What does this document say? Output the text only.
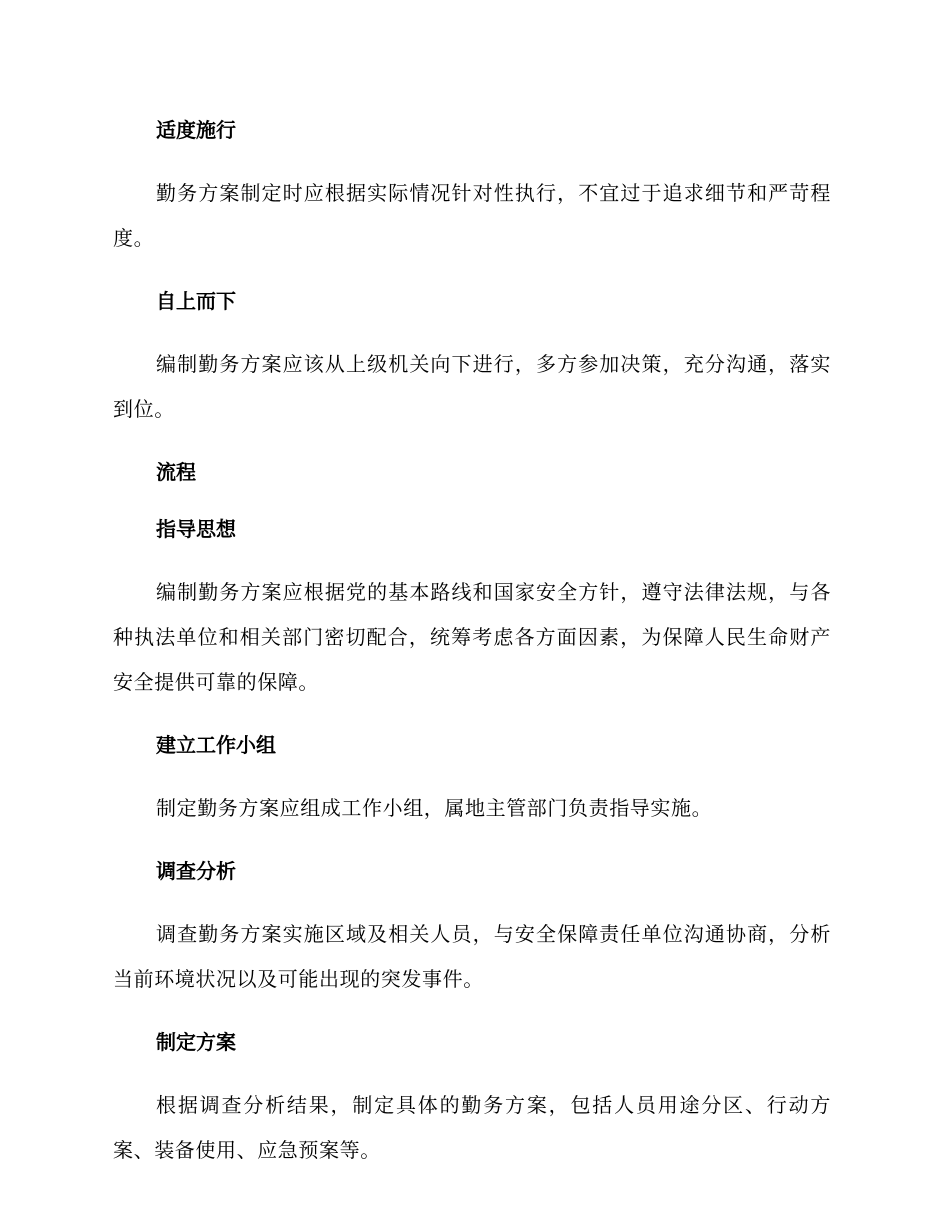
适度施行
勤务方案制定时应根据实际情况针对性执行，不宜过于追求细节和严苛程度。
自上而下
编制勤务方案应该从上级机关向下进行，多方参加决策，充分沟通，落实到位。
流程
指导思想
编制勤务方案应根据党的基本路线和国家安全方针，遵守法律法规，与各种执法单位和相关部门密切配合，统筹考虑各方面因素，为保障人民生命财产安全提供可靠的保障。
建立工作小组
制定勤务方案应组成工作小组，属地主管部门负责指导实施。
调查分析
调查勤务方案实施区域及相关人员，与安全保障责任单位沟通协商，分析当前环境状况以及可能出现的突发事件。
制定方案
根据调查分析结果，制定具体的勤务方案，包括人员用途分区、行动方案、装备使用、应急预案等。
